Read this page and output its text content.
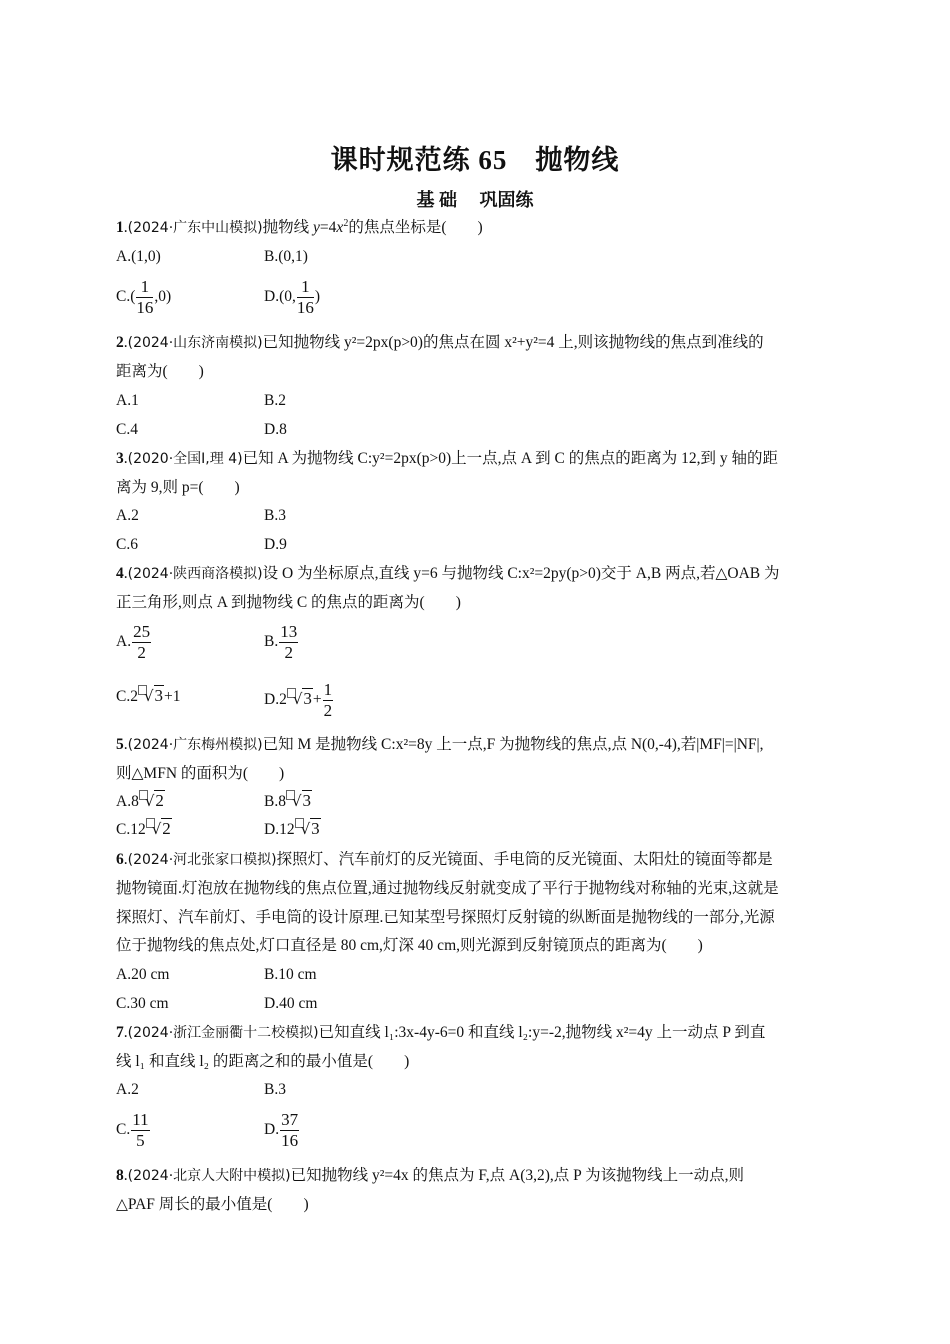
课时规范练 65　抛物线
基 础　 巩固练
1.(2024·广东中山模拟)抛物线 $y=4x^2$的焦点坐标是(　　)
A.(1,0)	B.(0,1)
$C.( \frac{1}{16} ,0)$	D.(0, $\frac{1}{16}$ )
2.(2024·山东济南模拟)已知抛物线 y²=2px(p>0)的焦点在圆 x²+y²=4 上,则该抛物线的焦点到准线的
距离为(　　)
A.1	B.2
C.4	D.8
3.(2020·全国Ⅰ,理 4)已知 A 为抛物线 C:y²=2px(p>0)上一点,点 A 到 C 的焦点的距离为 12,到 y 轴的距
离为 9,则 p=(　　)
A.2	B.3
C.6	D.9
4.(2024·陕西商洛模拟)设 O 为坐标原点,直线 y=6 与抛物线 C:x²=2py(p>0)交于 A,B 两点,若△OAB 为
正三角形,则点 A 到抛物线 C 的焦点的距离为(　　)
A. $\frac{25}{2}$	B. $\frac{13}{2}$
C.2 √3+1	D.2 $√3+ \frac{1}{2}$
5.(2024·广东梅州模拟)已知 M 是抛物线 C:x²=8y 上一点,F 为抛物线的焦点,点 N(0,-4),若|MF|=|NF|,
则△MFN 的面积为(　　)
A.8 √2	B.8 √3
C.12 √2	D.12 √3
6.(2024·河北张家口模拟)探照灯、汽车前灯的反光镜面、手电筒的反光镜面、太阳灶的镜面等都是
抛物镜面.灯泡放在抛物线的焦点位置,通过抛物线反射就变成了平行于抛物线对称轴的光束,这就是
探照灯、汽车前灯、手电筒的设计原理.已知某型号探照灯反射镜的纵断面是抛物线的一部分,光源
位于抛物线的焦点处,灯口直径是 80 cm,灯深 40 cm,则光源到反射镜顶点的距离为(　　)
A.20 cm	B.10 cm
C.30 cm	D.40 cm
7.(2024·浙江金丽衢十二校模拟)已知直线 l₁:3x-4y-6=0 和直线 l₂:y=-2,抛物线 x²=4y 上一动点 P 到直
线 l₁ 和直线 l₂ 的距离之和的最小值是(　　)
A.2	B.3
C. $\frac{11}{5}$	D. $\frac{37}{16}$
8.(2024·北京人大附中模拟)已知抛物线 y²=4x 的焦点为 F,点 A(3,2),点 P 为该抛物线上一动点,则
△PAF 周长的最小值是(　　)
